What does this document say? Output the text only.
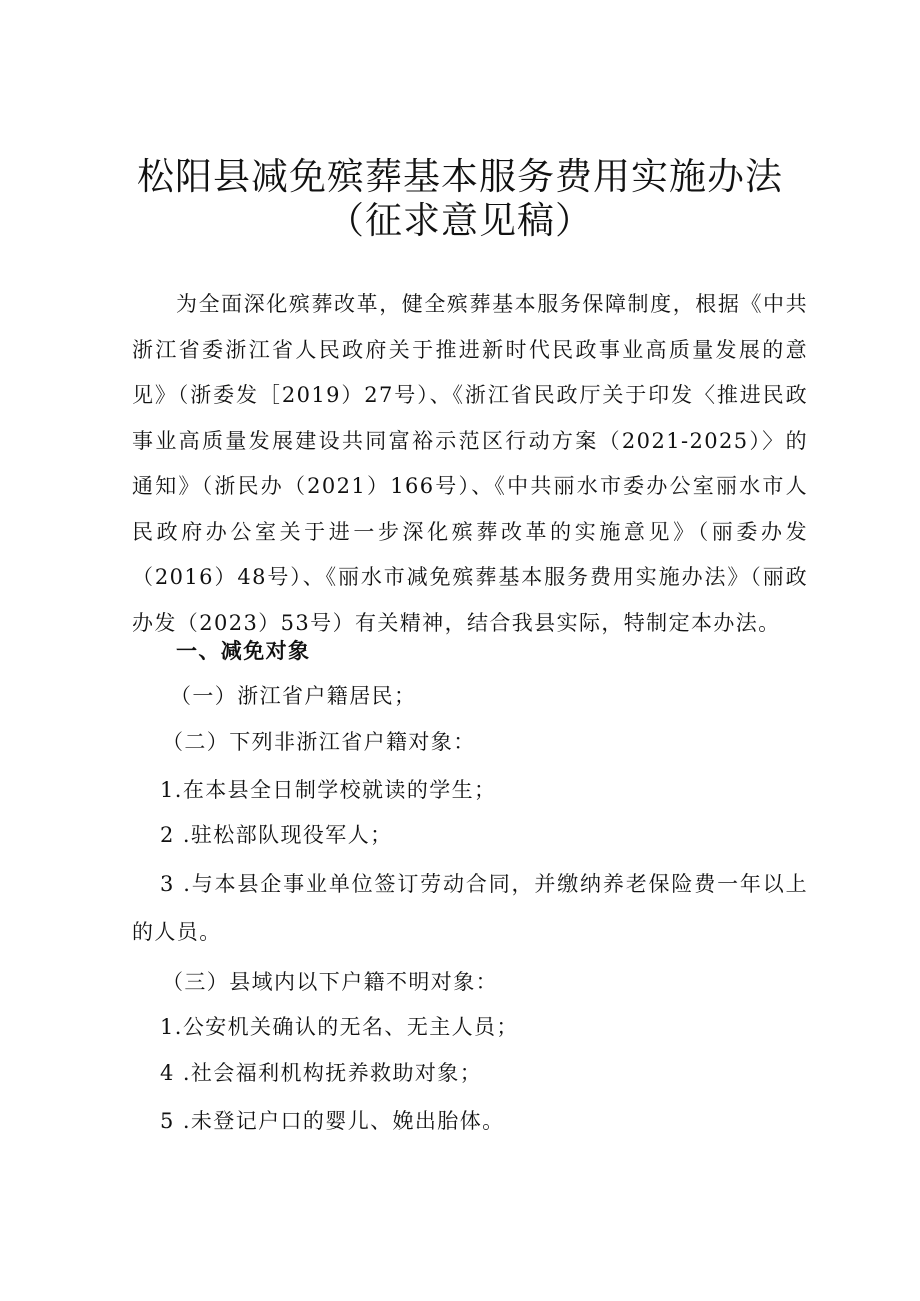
松阳县减免殡葬基本服务费用实施办法
（征求意见稿）

为全面深化殡葬改革，健全殡葬基本服务保障制度，根据《中共浙江省委浙江省人民政府关于推进新时代民政事业高质量发展的意见》（浙委发［2019）27号）、《浙江省民政厅关于印发〈推进民政事业高质量发展建设共同富裕示范区行动方案（2021-2025）〉的通知》（浙民办（2021）166号）、《中共丽水市委办公室丽水市人民政府办公室关于进一步深化殡葬改革的实施意见》（丽委办发（2016）48号）、《丽水市减免殡葬基本服务费用实施办法》（丽政办发（2023）53号）有关精神，结合我县实际，特制定本办法。

一、减免对象

（一）浙江省户籍居民；

（二）下列非浙江省户籍对象：

1.在本县全日制学校就读的学生；

2 .驻松部队现役军人；

3 .与本县企事业单位签订劳动合同，并缴纳养老保险费一年以上的人员。

（三）县域内以下户籍不明对象：

1.公安机关确认的无名、无主人员；

4 .社会福利机构抚养救助对象；

5 .未登记户口的婴儿、娩出胎体。
